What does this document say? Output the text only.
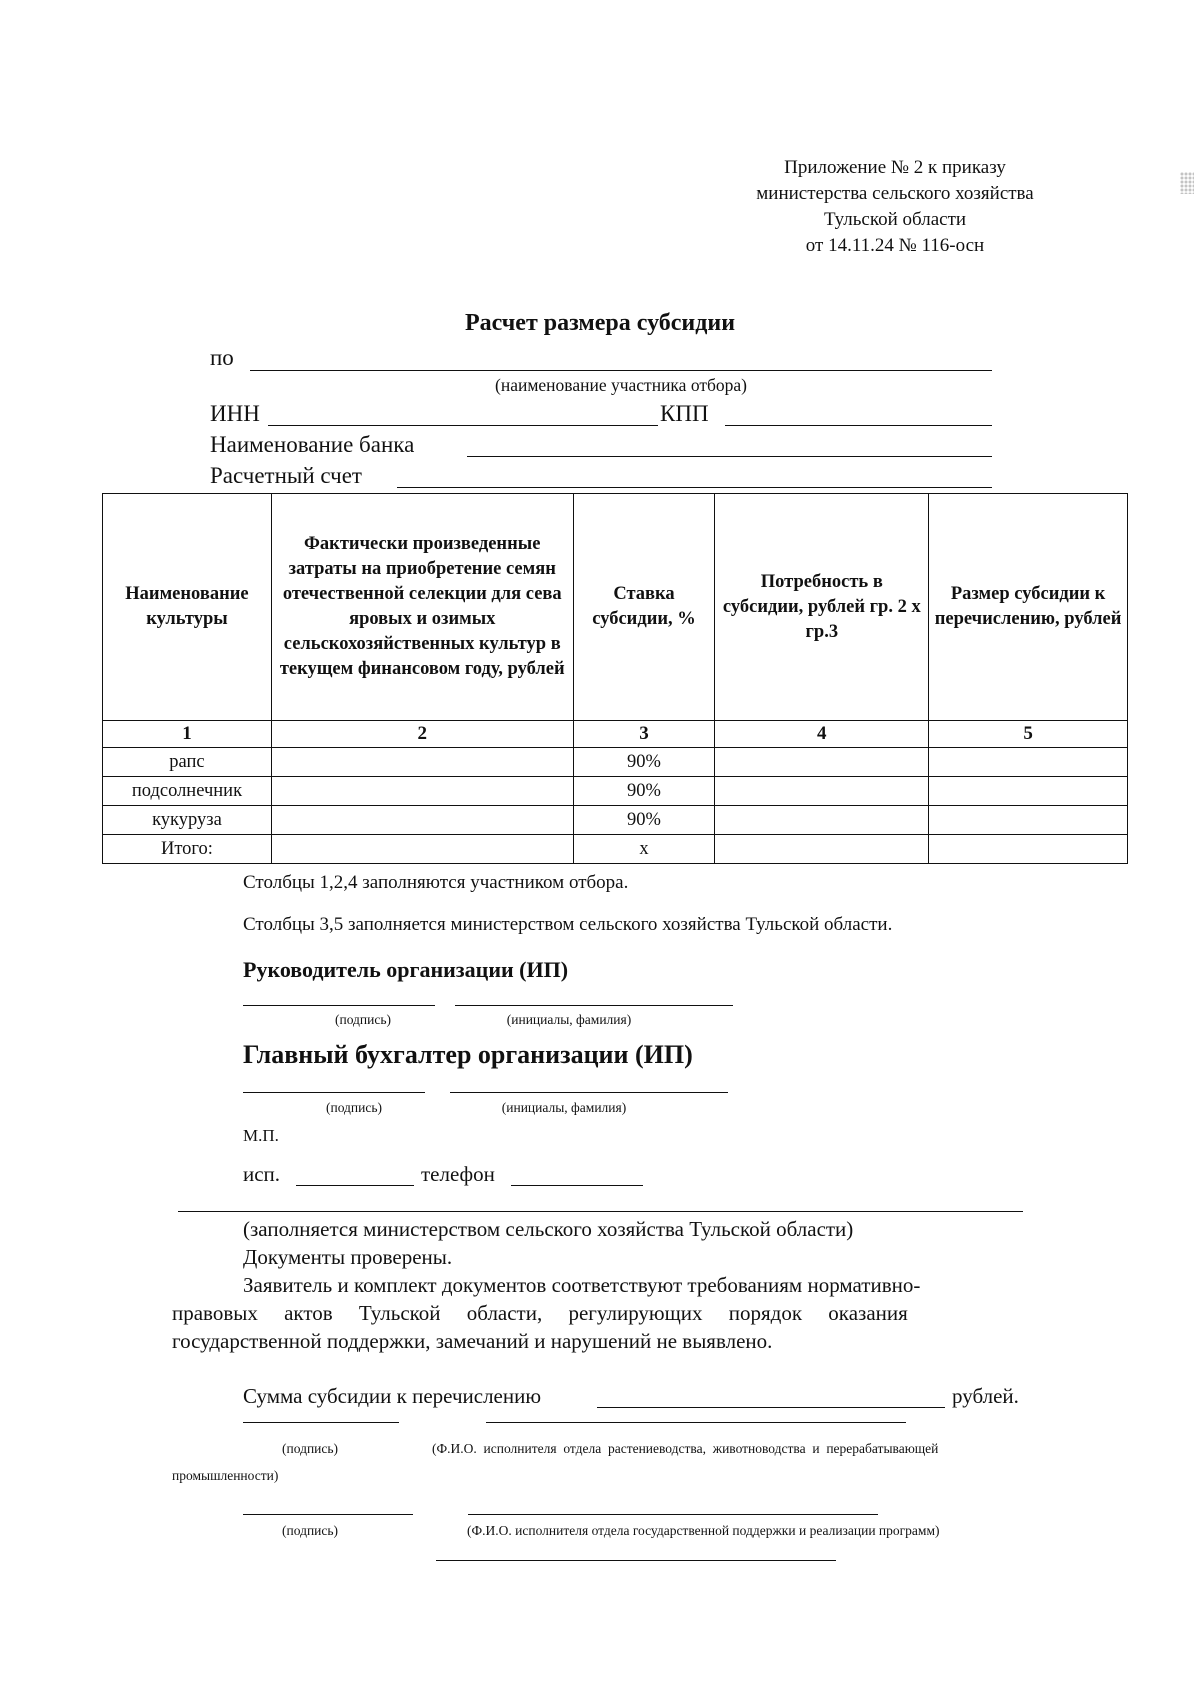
Приложение № 2 к приказу
министерства сельского хозяйства
Тульской области
от 14.11.24 № 116-осн
Расчет размера субсидии
по
(наименование участника отбора)
ИНН	КПП
Наименование банка
Расчетный счет
Наименование культуры	Фактически произведенные затраты на приобретение семян отечественной селекции для сева яровых и озимых сельскохозяйственных культур в текущем финансовом году, рублей	Ставка субсидии, %	Потребность в субсидии, рублей гр. 2 х гр.3	Размер субсидии к перечислению, рублей
1	2	3	4	5
рапс		90%		
подсолнечник		90%		
кукуруза		90%		
Итого:		х		
Столбцы 1,2,4 заполняются участником отбора.
Столбцы 3,5 заполняется министерством сельского хозяйства Тульской области.
Руководитель организации (ИП)
(подпись)	(инициалы, фамилия)
Главный бухгалтер организации (ИП)
(подпись)	(инициалы, фамилия)
М.П.
исп.	телефон
(заполняется министерством сельского хозяйства Тульской области)
Документы проверены.
Заявитель и комплект документов соответствуют требованиям нормативно-
правовых     актов     Тульской     области,     регулирующих     порядок     оказания
государственной поддержки, замечаний и нарушений не выявлено.
Сумма субсидии к перечислению	рублей.
(подпись)	(Ф.И.О.  исполнителя  отдела  растениеводства,  животноводства  и  перерабатывающей
промышленности)
(подпись)	(Ф.И.О. исполнителя отдела государственной поддержки и реализации программ)
